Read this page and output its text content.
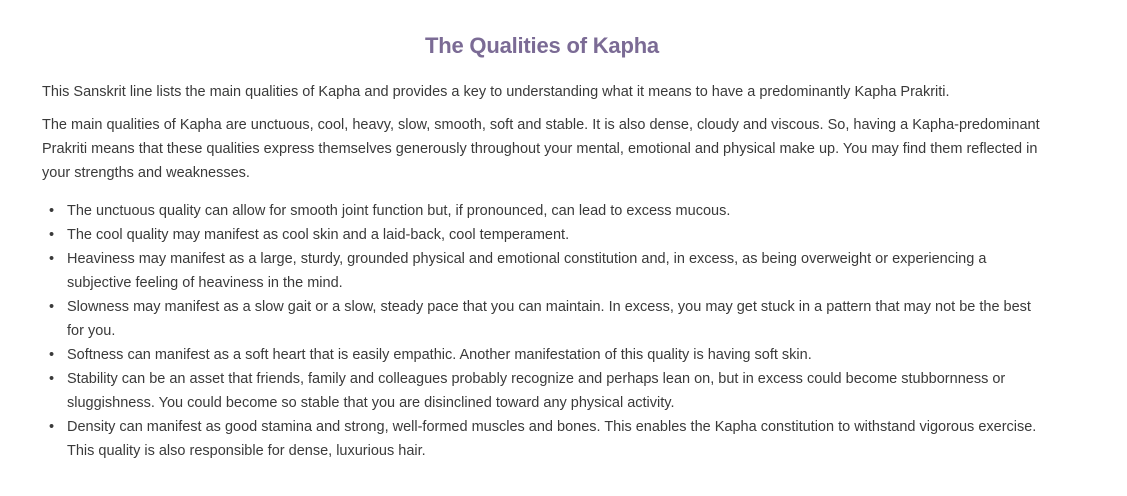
The Qualities of Kapha

This Sanskrit line lists the main qualities of Kapha and provides a key to understanding what it means to have a predominantly Kapha Prakriti.

The main qualities of Kapha are unctuous, cool, heavy, slow, smooth, soft and stable. It is also dense, cloudy and viscous. So, having a Kapha-predominant Prakriti means that these qualities express themselves generously throughout your mental, emotional and physical make up. You may find them reflected in your strengths and weaknesses.

• The unctuous quality can allow for smooth joint function but, if pronounced, can lead to excess mucous.
• The cool quality may manifest as cool skin and a laid-back, cool temperament.
• Heaviness may manifest as a large, sturdy, grounded physical and emotional constitution and, in excess, as being overweight or experiencing a subjective feeling of heaviness in the mind.
• Slowness may manifest as a slow gait or a slow, steady pace that you can maintain. In excess, you may get stuck in a pattern that may not be the best for you.
• Softness can manifest as a soft heart that is easily empathic. Another manifestation of this quality is having soft skin.
• Stability can be an asset that friends, family and colleagues probably recognize and perhaps lean on, but in excess could become stubbornness or sluggishness. You could become so stable that you are disinclined toward any physical activity.
• Density can manifest as good stamina and strong, well-formed muscles and bones. This enables the Kapha constitution to withstand vigorous exercise. This quality is also responsible for dense, luxurious hair.
